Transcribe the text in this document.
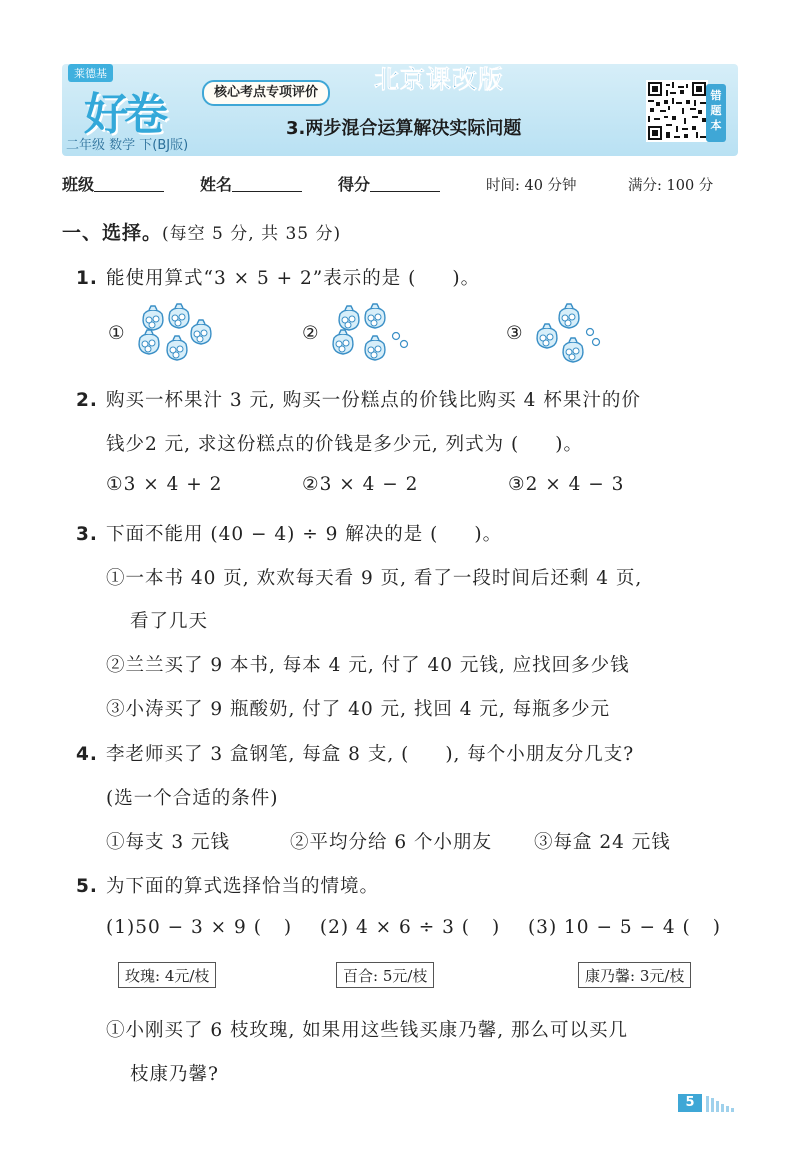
莱德基
好卷
二年级 数学 下(BJ版)
核心考点专项评价	北京课改版
3.两步混合运算解决实际问题
错题本
班级	姓名	得分	时间: 40 分钟	满分: 100 分
一、选择。(每空 5 分, 共 35 分)
1. 能使用算式“3 × 5 + 2”表示的是 ( )。
①	②	③
2. 购买一杯果汁 3 元, 购买一份糕点的价钱比购买 4 杯果汁的价
钱少2 元, 求这份糕点的价钱是多少元, 列式为 ( )。
①3 × 4 + 2	②3 × 4 − 2	③2 × 4 − 3
3. 下面不能用 (40 − 4) ÷ 9 解决的是 ( )。
①一本书 40 页, 欢欢每天看 9 页, 看了一段时间后还剩 4 页,
看了几天
②兰兰买了 9 本书, 每本 4 元, 付了 40 元钱, 应找回多少钱
③小涛买了 9 瓶酸奶, 付了 40 元, 找回 4 元, 每瓶多少元
4. 李老师买了 3 盒钢笔, 每盒 8 支, ( ), 每个小朋友分几支?
(选一个合适的条件)
①每支 3 元钱	②平均分给 6 个小朋友 ③每盒 24 元钱
5. 为下面的算式选择恰当的情境。
(1)50 − 3 × 9 ( ) (2) 4 × 6 ÷ 3 ( ) (3) 10 − 5 − 4 ( )
玫瑰: 4元/枝	百合: 5元/枝	康乃馨: 3元/枝
①小刚买了 6 枝玫瑰, 如果用这些钱买康乃馨, 那么可以买几
枝康乃馨?
5
